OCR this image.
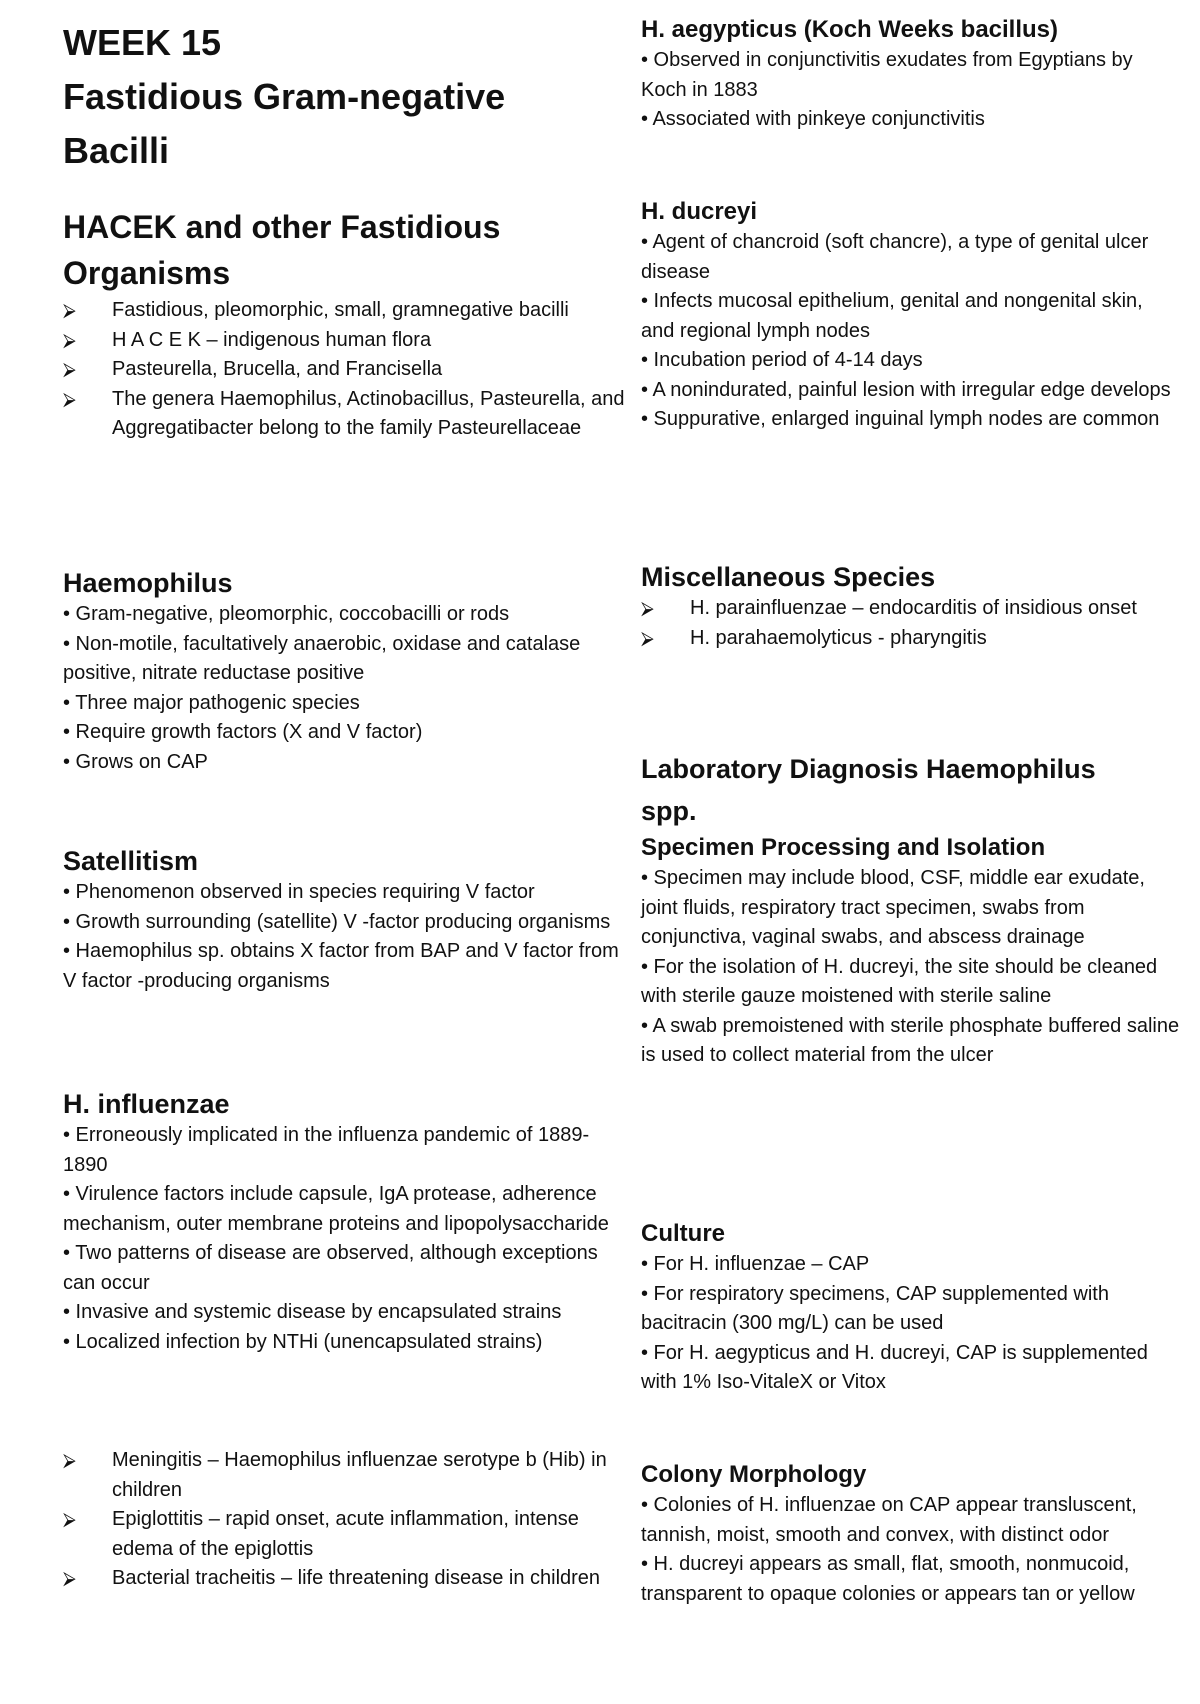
WEEK 15

Fastidious Gram-negative

Bacilli

HACEK and other Fastidious

Organisms

⮚ Fastidious, pleomorphic, small, gramnegative bacilli
⮚ H A C E K – indigenous human flora
⮚ Pasteurella, Brucella, and Francisella
⮚ The genera Haemophilus, Actinobacillus, Pasteurella, and Aggregatibacter belong to the family Pasteurellaceae

Haemophilus

• Gram-negative, pleomorphic, coccobacilli or rods

• Non-motile, facultatively anaerobic, oxidase and catalase positive, nitrate reductase positive

• Three major pathogenic species

• Require growth factors (X and V factor)

• Grows on CAP

Satellitism

• Phenomenon observed in species requiring V factor

• Growth surrounding (satellite) V -factor producing organisms

• Haemophilus sp. obtains X factor from BAP and V factor from V factor -producing organisms

H. influenzae

• Erroneously implicated in the influenza pandemic of 1889-1890

• Virulence factors include capsule, IgA protease, adherence mechanism, outer membrane proteins and lipopolysaccharide

• Two patterns of disease are observed, although exceptions can occur

• Invasive and systemic disease by encapsulated strains

• Localized infection by NTHi (unencapsulated strains)

⮚ Meningitis – Haemophilus influenzae serotype b (Hib) in children
⮚ Epiglottitis – rapid onset, acute inflammation, intense edema of the epiglottis
⮚ Bacterial tracheitis – life threatening disease in children

H. aegypticus (Koch Weeks bacillus)

• Observed in conjunctivitis exudates from Egyptians by Koch in 1883

• Associated with pinkeye conjunctivitis

H. ducreyi

• Agent of chancroid (soft chancre), a type of genital ulcer disease

• Infects mucosal epithelium, genital and nongenital skin, and regional lymph nodes

• Incubation period of 4-14 days

• A nonindurated, painful lesion with irregular edge develops

• Suppurative, enlarged inguinal lymph nodes are common

Miscellaneous Species

⮚ H. parainfluenzae – endocarditis of insidious onset
⮚ H. parahaemolyticus - pharyngitis

Laboratory Diagnosis Haemophilus

spp.

Specimen Processing and Isolation

• Specimen may include blood, CSF, middle ear exudate, joint fluids, respiratory tract specimen, swabs from conjunctiva, vaginal swabs, and abscess drainage

• For the isolation of H. ducreyi, the site should be cleaned with sterile gauze moistened with sterile saline

• A swab premoistened with sterile phosphate buffered saline is used to collect material from the ulcer

Culture

• For H. influenzae – CAP

• For respiratory specimens, CAP supplemented with bacitracin (300 mg/L) can be used

• For H. aegypticus and H. ducreyi, CAP is supplemented with 1% Iso-VitaleX or Vitox

Colony Morphology

• Colonies of H. influenzae on CAP appear transluscent, tannish, moist, smooth and convex, with distinct odor

• H. ducreyi appears as small, flat, smooth, nonmucoid, transparent to opaque colonies or appears tan or yellow
